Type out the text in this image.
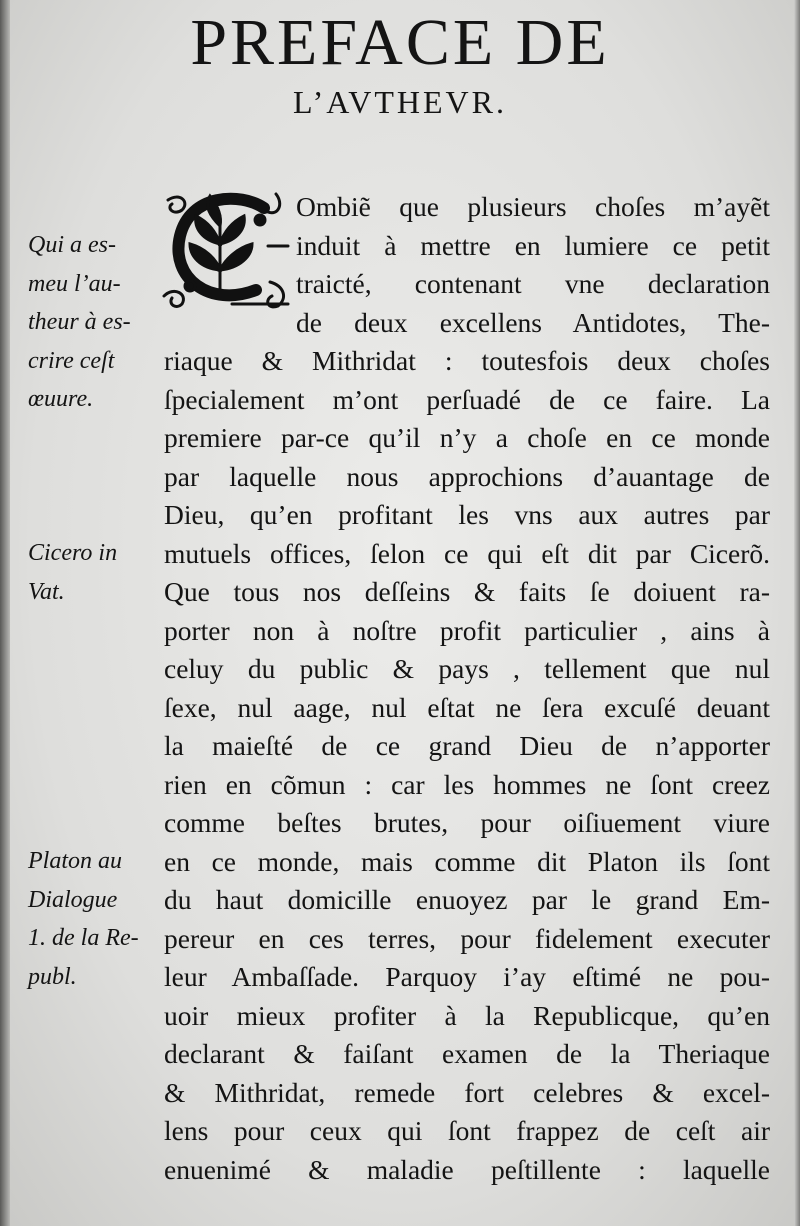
PREFACE DE
L’AVTHEVR.
Qui a es-
meu l’au-
theur à es-
crire ceſt
œuure.
Cicero in
Vat.
Platon au
Dialogue
1. de la Re-
publ.
Ombiẽ que plusieurs choſes m’ayẽt
induit à mettre en lumiere ce petit
traicté, contenant vne declaration
de deux excellens Antidotes, The-
riaque & Mithridat : toutesfois deux choſes
ſpecialement m’ont perſuadé de ce faire. La
premiere par-ce qu’il n’y a choſe en ce monde
par laquelle nous approchions d’auantage de
Dieu, qu’en profitant les vns aux autres par
mutuels offices, ſelon ce qui eſt dit par Cicerõ.
Que tous nos deſſeins & faits ſe doiuent ra-
porter non à noſtre profit particulier , ains à
celuy du public & pays , tellement que nul
ſexe, nul aage, nul eſtat ne ſera excuſé deuant
la maieſté de ce grand Dieu de n’apporter
rien en cõmun : car les hommes ne ſont creez
comme beſtes brutes, pour oiſiuement viure
en ce monde, mais comme dit Platon ils ſont
du haut domicille enuoyez par le grand Em-
pereur en ces terres, pour fidelement executer
leur Ambaſſade. Parquoy i’ay eſtimé ne pou-
uoir mieux profiter à la Republicque, qu’en
declarant & faiſant examen de la Theriaque
& Mithridat, remede fort celebres & excel-
lens pour ceux qui ſont frappez de ceſt air
enuenimé & maladie peſtillente : laquelle
